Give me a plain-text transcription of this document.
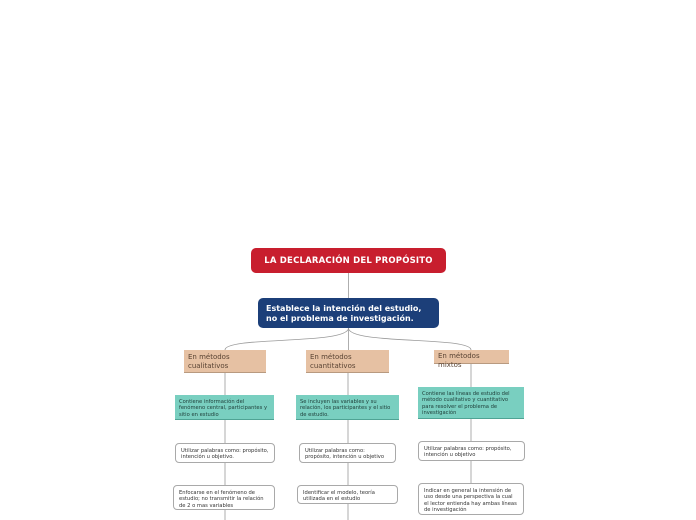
LA DECLARACIÓN DEL PROPÓSITO
Establece la intención del estudio, no el problema de investigación.
En métodos cualitativos
Contiene información del fenómeno central, participantes y sitio en estudio
Utilizar palabras como: propósito, intención u objetivo.
Enfocarse en el fenómeno de estudio; no transmitir la relación de 2 o mas variables
En métodos cuantitativos
Se incluyen las variables y su relación, los participantes y el sitio de estudio.
Utilizar palabras como: propósito, intención u objetivo
Identificar el modelo, teoría utilizada en el estudio
En métodos mixtos
Contiene las líneas de estudio del método cualitativo y cuantitativo para resolver el problema de investigación
Utilizar palabras como: propósito, intención u objetivo
Indicar en general la intensión de uso desde una perspectiva la cual el lector entienda hay ambas líneas de investigación
